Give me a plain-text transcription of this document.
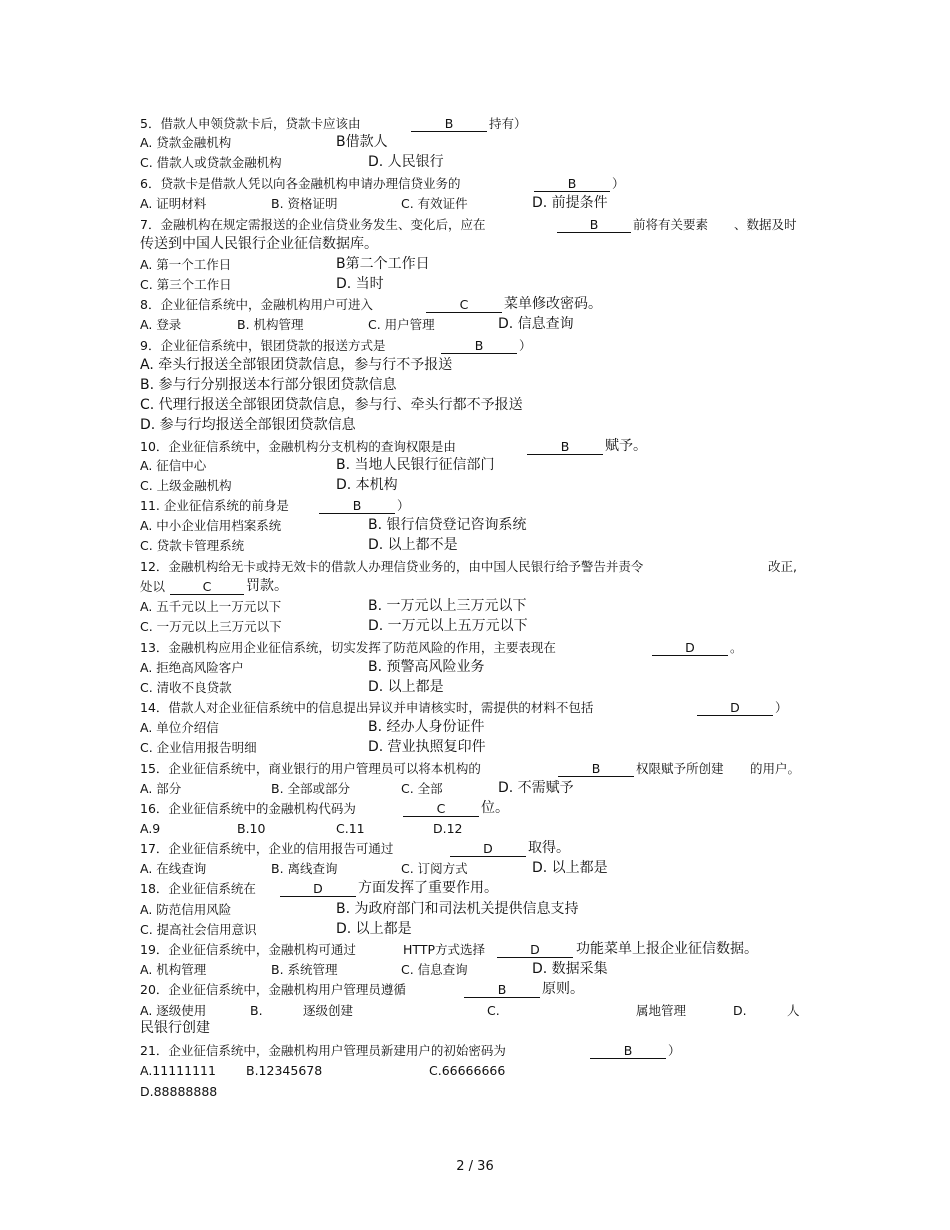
5．借款人申领贷款卡后，贷款卡应该由	B	持有）
A. 贷款金融机构	B借款人
C. 借款人或贷款金融机构	D. 人民银行
6．贷款卡是借款人凭以向各金融机构申请办理信贷业务的	B	）
A. 证明材料	B. 资格证明	C. 有效证件	D. 前提条件
7．金融机构在规定需报送的企业信贷业务发生、变化后，应在	B	前将有关要素 、数据及时
传送到中国人民银行企业征信数据库。
A. 第一个工作日	B第二个工作日
C. 第三个工作日	D. 当时
8．企业征信系统中，金融机构用户可进入	C	菜单修改密码。
A. 登录	B. 机构管理	C. 用户管理	D. 信息查询
9．企业征信系统中，银团贷款的报送方式是	B	）
A. 牵头行报送全部银团贷款信息，参与行不予报送
B. 参与行分别报送本行部分银团贷款信息
C. 代理行报送全部银团贷款信息，参与行、牵头行都不予报送
D. 参与行均报送全部银团贷款信息
10．企业征信系统中，金融机构分支机构的查询权限是由	B	赋予。
A. 征信中心	B. 当地人民银行征信部门
C. 上级金融机构	D. 本机构
11. 企业征信系统的前身是	B	）
A. 中小企业信用档案系统	B. 银行信贷登记咨询系统
C. 贷款卡管理系统	D. 以上都不是
12．金融机构给无卡或持无效卡的借款人办理信贷业务的，由中国人民银行给予警告并责令	改正,
处以	C	罚款。
A. 五千元以上一万元以下	B. 一万元以上三万元以下
C. 一万元以上三万元以下	D. 一万元以上五万元以下
13．金融机构应用企业征信系统，切实发挥了防范风险的作用，主要表现在	D	。
A. 拒绝高风险客户	B. 预警高风险业务
C. 清收不良贷款	D. 以上都是
14．借款人对企业征信系统中的信息提出异议并申请核实时，需提供的材料不包括	D	）
A. 单位介绍信	B. 经办人身份证件
C. 企业信用报告明细	D. 营业执照复印件
15．企业征信系统中，商业银行的用户管理员可以将本机构的	B	权限赋予所创建 的用户。
A. 部分	B. 全部或部分	C. 全部	D. 不需赋予
16．企业征信系统中的金融机构代码为	C	位。
A.9	B.10	C.11	D.12
17．企业征信系统中，企业的信用报告可通过	D	取得。
A. 在线查询	B. 离线查询	C. 订阅方式	D. 以上都是
18．企业征信系统在	D	方面发挥了重要作用。
A. 防范信用风险	B. 为政府部门和司法机关提供信息支持
C. 提高社会信用意识	D. 以上都是
19．企业征信系统中，金融机构可通过	HTTP方式选择	D	功能菜单上报企业征信数据。
A. 机构管理	B. 系统管理	C. 信息查询	D. 数据采集
20．企业征信系统中，金融机构用户管理员遵循	B	原则。
A. 逐级使用	B.	逐级创建	C.	属地管理	D.	人
民银行创建
21．企业征信系统中，金融机构用户管理员新建用户的初始密码为	B	）
A.11111111 B.12345678	C.66666666
D.88888888
2 / 36
